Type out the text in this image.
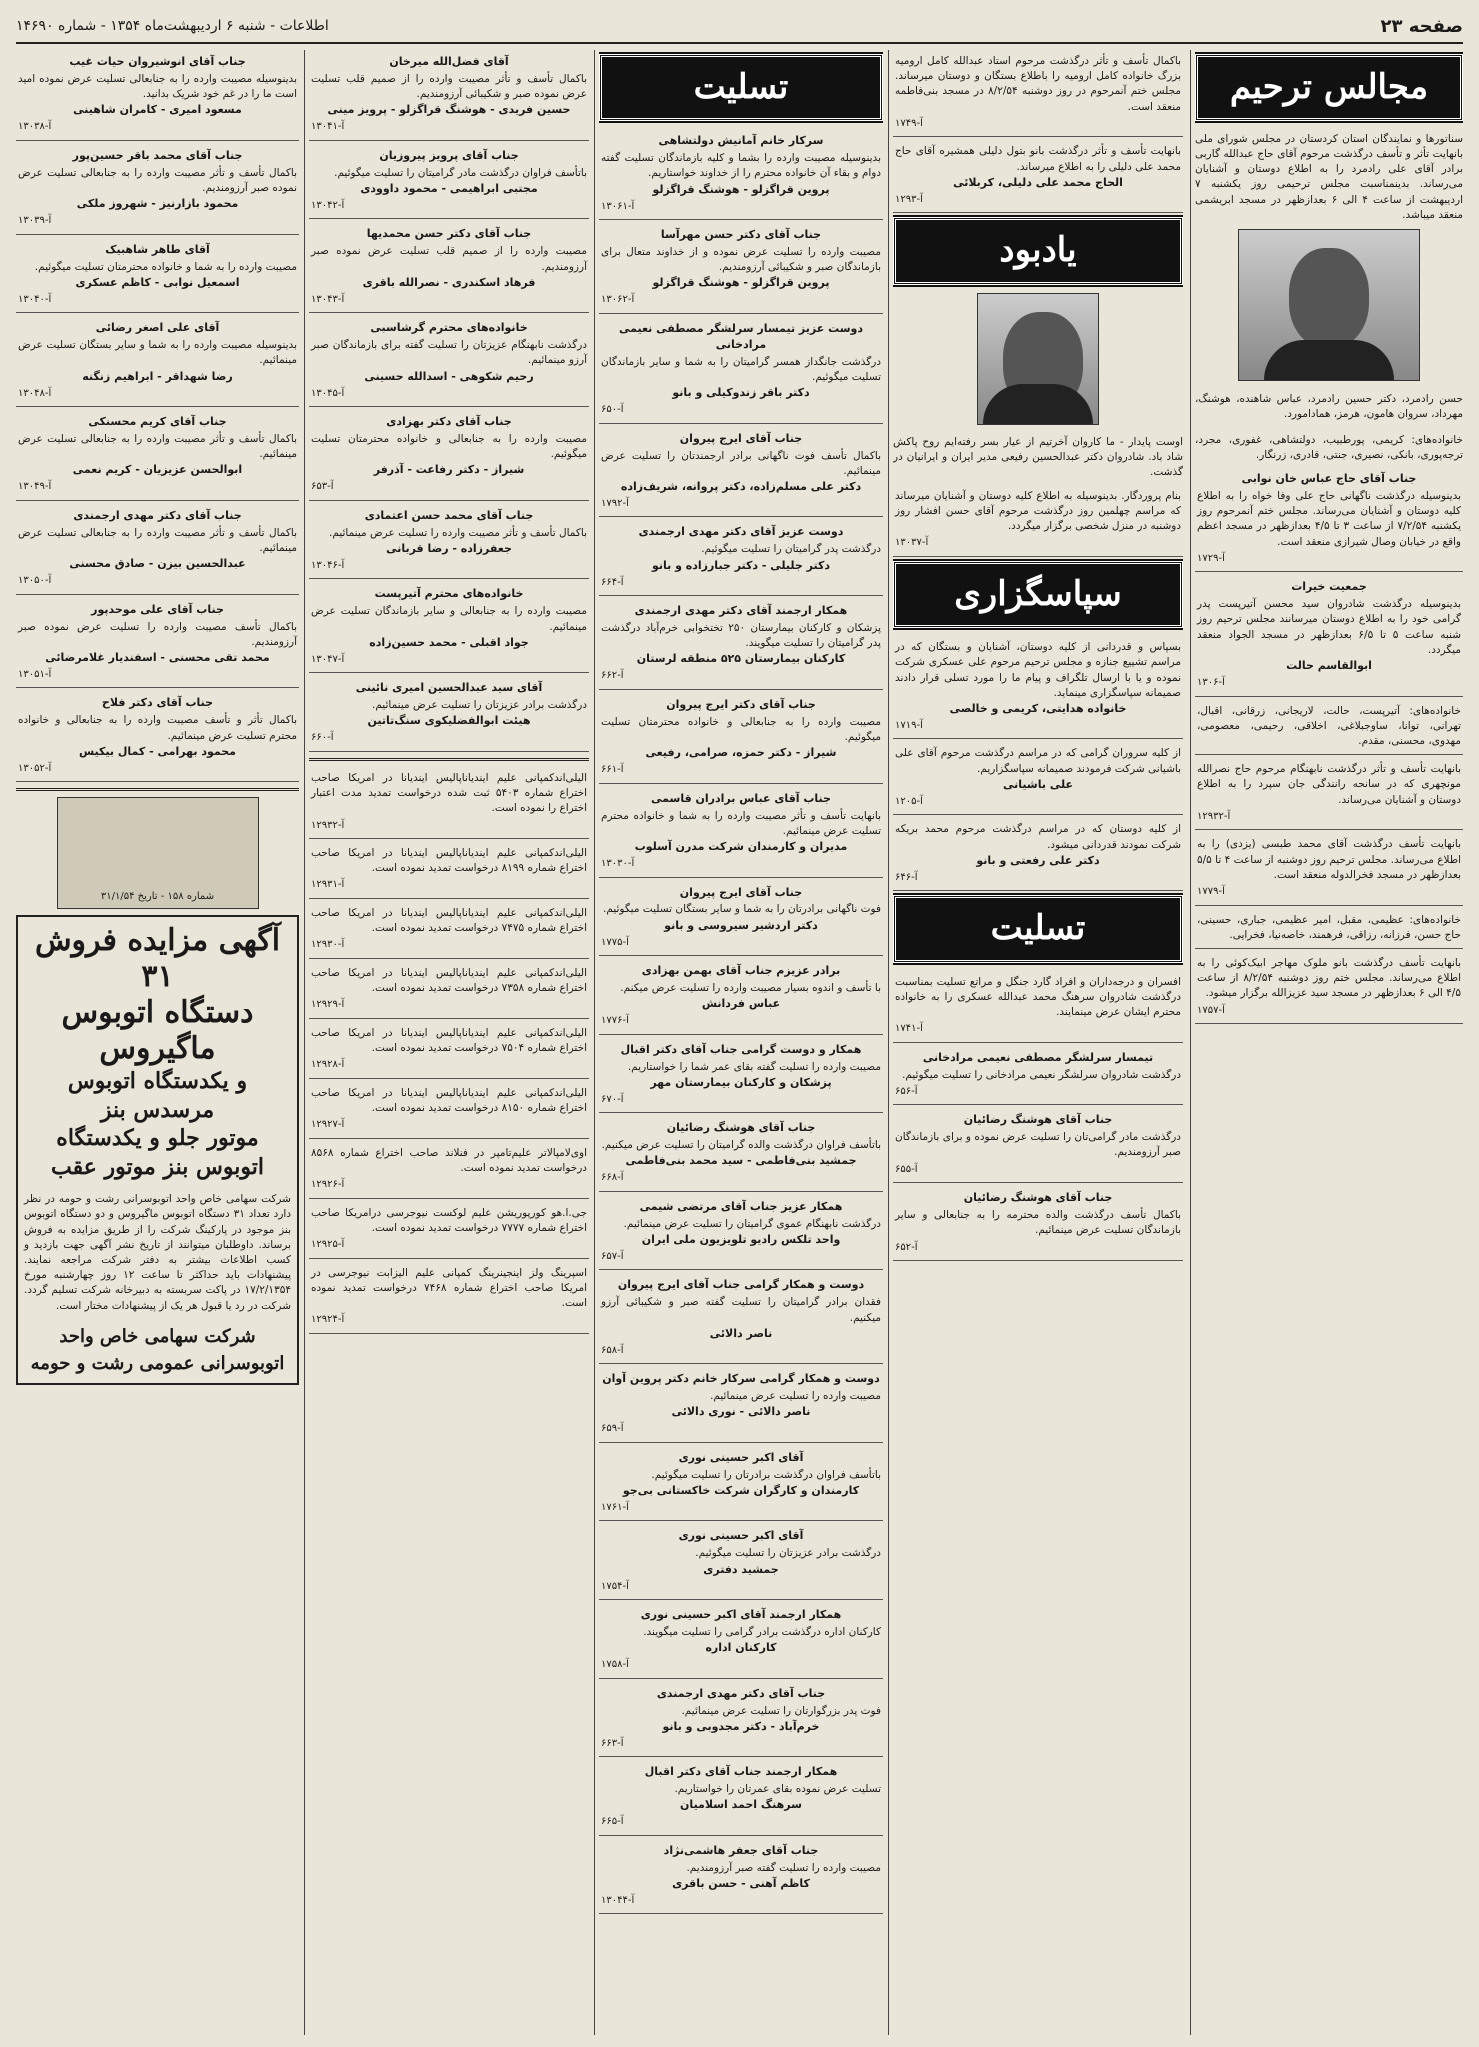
صفحه ۲۳
اطلاعات - شنبه ۶ اردیبهشت‌ماه ۱۳۵۴ - شماره ۱۴۶۹۰
مجالس ترحیم

سناتورها و نمایندگان استان کردستان در مجلس شورای ملی بانهایت تأثر و تأسف درگذشت مرحوم آقای حاج عبدالله گاربی برادر آقای علی رادمرد را به اطلاع دوستان و آشنایان می‌رساند. بدینمناسبت مجلس ترحیمی روز یکشنبه ۷ اردیبهشت از ساعت ۴ الی ۶ بعدازظهر در مسجد ابریشمی منعقد میباشد.

حسن رادمرد، دکتر حسین رادمرد، عباس شاهنده، هوشنگ، مهرداد، سروان هامون، هرمز، همادامورد.

خانواده‌های: کریمی، پورطبیب، دولتشاهی، غفوری، مجرد، ترجه‌پوری، بانکی، نصیری، جنتی، قادری، زرنگار.

جناب آقای حاج عباس خان نوابی

بدینوسیله درگذشت ناگهانی حاج علی وفا خواه را به اطلاع کلیه دوستان و آشنایان می‌رساند. مجلس ختم آنمرحوم روز یکشنبه ۷/۲/۵۴ از ساعت ۳ تا ۴/۵ بعدازظهر در مسجد اعظم واقع در خیابان وصال شیرازی منعقد است.

آ-۱۷۲۹
جمعیت خیرات

بدینوسیله درگذشت شادروان سید محسن آتیرپست پدر گرامی خود را به اطلاع دوستان میرسانند مجلس ترحیم روز شنبه ساعت ۵ تا ۶/۵ بعدازظهر در مسجد الجواد منعقد میگردد.

ابوالقاسم حالت
آ-۱۳۰۶

خانواده‌های: آتیرپست، حالت، لاریجانی، زرقانی، اقبال، تهرانی، توانا، ساوجبلاغی، اخلاقی، رحیمی، معصومی، مهدوی، محسنی، مقدم.

بانهایت تأسف و تأثر درگذشت نابهنگام مرحوم حاج نصرالله مونچهری که در سانحه رانندگی جان سپرد را به اطلاع دوستان و آشنایان می‌رساند.

آ-۱۲۹۳۲

بانهایت تأسف درگذشت آقای محمد طبسی (یزدی) را به اطلاع می‌رساند. مجلس ترحیم روز دوشنبه از ساعت ۴ تا ۵/۵ بعدازظهر در مسجد فخرالدوله منعقد است.

آ-۱۷۷۹

خانواده‌های: عظیمی، مقبل، امیر عظیمی، جباری، حسینی، حاج حسن، فرزانه، رزاقی، فرهمند، خاصه‌نیا، فخرایی.

بانهایت تأسف درگذشت بانو ملوک مهاجر ابیک‌کوئی را به اطلاع می‌رساند. مجلس ختم روز دوشنبه ۸/۲/۵۴ از ساعت ۴/۵ الی ۶ بعدازظهر در مسجد سید عزیزالله برگزار میشود.

آ-۱۷۵۷

باکمال تأسف و تأثر درگذشت مرحوم استاد عبدالله کامل ارومیه بزرگ خانواده کامل ارومیه را باطلاع بستگان و دوستان میرساند. مجلس ختم آنمرحوم در روز دوشنبه ۸/۲/۵۴ در مسجد بنی‌فاطمه منعقد است.

آ-۱۷۴۹

بانهایت تأسف و تأثر درگذشت بانو بتول دلیلی همشیره آقای حاج محمد علی دلیلی را به اطلاع میرساند.

الحاج محمد علی دلیلی، کربلائی
آ-۱۲۹۳
یادبود

اوست پایدار - ما کاروان آخرتیم از عیار بسر رفته‌ایم روح پاکش شاد باد. شادروان دکتر عبدالحسین رفیعی مدیر ایران و ایرانیان در گذشت.

بنام پروردگار. بدینوسیله به اطلاع کلیه دوستان و آشنایان میرساند که مراسم چهلمین روز درگذشت مرحوم آقای حسن افشار روز دوشنبه در منزل شخصی برگزار میگردد.

آ-۱۳۰۳۷
سپاسگزاری

بسپاس و قدردانی از کلیه دوستان، آشنایان و بستگان که در مراسم تشییع جنازه و مجلس ترحیم مرحوم علی عسکری شرکت نموده و یا با ارسال تلگراف و پیام ما را مورد تسلی قرار دادند صمیمانه سپاسگزاری مینماید.

خانواده هدایتی، کریمی و خالصی
آ-۱۷۱۹

از کلیه سروران گرامی که در مراسم درگذشت مرحوم آقای علی باشیانی شرکت فرمودند صمیمانه سپاسگزاریم.

علی باشیانی
آ-۱۲۰۵

از کلیه دوستان که در مراسم درگذشت مرحوم محمد بریکه شرکت نمودند قدردانی میشود.

دکتر علی رفعتی و بانو
آ-۶۴۶
تسلیت

افسران و درجه‌داران و افراد گارد جنگل و مراتع تسلیت بمناسبت درگذشت شادروان سرهنگ محمد عبدالله عسکری را به خانواده محترم ایشان عرض مینمایند.

آ-۱۷۴۱
تیمسار سرلشگر مصطفی نعیمی مرادخانی

درگذشت شادروان سرلشگر نعیمی مرادخانی را تسلیت میگوئیم.

آ-۶۵۶
جناب آقای هوشنگ رضائیان

درگذشت مادر گرامی‌تان را تسلیت عرض نموده و برای بازماندگان صبر آرزومندیم.

آ-۶۵۵
جناب آقای هوشنگ رضائیان

باکمال تأسف درگذشت والده محترمه را به جنابعالی و سایر بازماندگان تسلیت عرض مینمائیم.

آ-۶۵۲
تسلیت
سرکار خانم آمانیش دولتشاهی

بدینوسیله مصیبت وارده را بشما و کلیه بازماندگان تسلیت گفته دوام و بقاء آن خانواده محترم را از خداوند خواستاریم.

پروین قراگزلو - هوشنگ قراگزلو
آ-۱۳۰۶۱
جناب آقای دکتر حسن مهرآسا

مصیبت وارده را تسلیت عرض نموده و از خداوند متعال برای بازماندگان صبر و شکیبائی آرزومندیم.

پروین قراگزلو - هوشنگ قراگزلو
آ-۱۳۰۶۲
دوست عزیز تیمسار سرلشگر مصطفی نعیمی مرادخانی

درگذشت جانگداز همسر گرامیتان را به شما و سایر بازماندگان تسلیت میگوئیم.

دکتر باقر زندوکیلی و بانو
آ-۶۵۰
جناب آقای ایرج پیروان

باکمال تأسف فوت ناگهانی برادر ارجمندتان را تسلیت عرض مینمائیم.

دکتر علی مسلم‌زاده، دکتر پروانه، شریف‌زاده
آ-۱۷۹۲
دوست عزیز آقای دکتر مهدی ارجمندی

درگذشت پدر گرامیتان را تسلیت میگوئیم.

دکتر جلیلی - دکتر جبارزاده و بانو
آ-۶۶۴
همکار ارجمند آقای دکتر مهدی ارجمندی

پزشکان و کارکنان بیمارستان ۲۵۰ تختخوابی خرم‌آباد درگذشت پدر گرامیتان را تسلیت میگویند.

کارکنان بیمارستان ۵۲۵ منطقه لرستان
آ-۶۶۲
جناب آقای دکتر ایرج پیروان

مصیبت وارده را به جنابعالی و خانواده محترمتان تسلیت میگوئیم.

شیراز - دکتر حمزه، صرامی، رفیعی
آ-۶۶۱
جناب آقای عباس برادران قاسمی

بانهایت تأسف و تأثر مصیبت وارده را به شما و خانواده محترم تسلیت عرض مینمائیم.

مدیران و کارمندان شرکت مدرن آسلوب
آ-۱۳۰۳۰
جناب آقای ایرج پیروان

فوت ناگهانی برادرتان را به شما و سایر بستگان تسلیت میگوئیم.

دکتر اردشیر سیروسی و بانو
آ-۱۷۷۵
برادر عزیزم جناب آقای بهمن بهزادی

با تأسف و اندوه بسیار مصیبت وارده را تسلیت عرض میکنم.

عباس فردانش
آ-۱۷۷۶
همکار و دوست گرامی جناب آقای دکتر اقبال

مصیبت وارده را تسلیت گفته بقای عمر شما را خواستاریم.

پزشکان و کارکنان بیمارستان مهر
آ-۶۷۰
جناب آقای هوشنگ رضائیان

باتأسف فراوان درگذشت والده گرامیتان را تسلیت عرض میکنیم.

جمشید بنی‌فاطمی - سید محمد بنی‌فاطمی
آ-۶۶۸
همکار عزیز جناب آقای مرتضی شیمی

درگذشت نابهنگام عموی گرامیتان را تسلیت عرض مینمائیم.

واحد تلکس رادیو تلویزیون ملی ایران
آ-۶۵۷
دوست و همکار گرامی جناب آقای ایرج پیروان

فقدان برادر گرامیتان را تسلیت گفته صبر و شکیبائی آرزو میکنیم.

ناصر دالائی
آ-۶۵۸
دوست و همکار گرامی سرکار خانم دکتر پروین آوان

مصیبت وارده را تسلیت عرض مینمائیم.

ناصر دالائی - نوری دالائی
آ-۶۵۹
آقای اکبر حسینی نوری

باتأسف فراوان درگذشت برادرتان را تسلیت میگوئیم.

کارمندان و کارگران شرکت خاکستانی بی‌جو
آ-۱۷۶۱
آقای اکبر حسینی نوری

درگذشت برادر عزیزتان را تسلیت میگوئیم.

جمشید دفتری
آ-۱۷۵۴
همکار ارجمند آقای اکبر حسینی نوری

کارکنان اداره درگذشت برادر گرامی را تسلیت میگویند.

کارکنان اداره
آ-۱۷۵۸
جناب آقای دکتر مهدی ارجمندی

فوت پدر بزرگوارتان را تسلیت عرض مینمائیم.

خرم‌آباد - دکتر مجدوبی و بانو
آ-۶۶۳
همکار ارجمند جناب آقای دکتر اقبال

تسلیت عرض نموده بقای عمرتان را خواستاریم.

سرهنگ احمد اسلامیان
آ-۶۶۵
جناب آقای جعفر هاشمی‌نژاد

مصیبت وارده را تسلیت گفته صبر آرزومندیم.

کاظم آهنی - حسن باقری
آ-۱۳۰۴۴
آقای فضل‌الله میرخان

باکمال تأسف و تأثر مصیبت وارده را از صمیم قلب تسلیت عرض نموده صبر و شکیبائی آرزومندیم.

حسین فریدی - هوشنگ قراگزلو - پرویز مینی
آ-۱۳۰۴۱
جناب آقای پرویز پیروزیان

باتأسف فراوان درگذشت مادر گرامیتان را تسلیت میگوئیم.

مجتبی ابراهیمی - محمود داوودی
آ-۱۳۰۴۲
جناب آقای دکتر حسن محمدیها

مصیبت وارده را از صمیم قلب تسلیت عرض نموده صبر آرزومندیم.

فرهاد اسکندری - نصرالله باقری
آ-۱۳۰۴۳
خانواده‌های محترم گرشاسبی

درگذشت نابهنگام عزیزتان را تسلیت گفته برای بازماندگان صبر آرزو مینمائیم.

رحیم شکوهی - اسدالله حسینی
آ-۱۳۰۴۵
جناب آقای دکتر بهزادی

مصیبت وارده را به جنابعالی و خانواده محترمتان تسلیت میگوئیم.

شیراز - دکتر رفاعت - آذرفر
آ-۶۵۳
جناب آقای محمد حسن اعتمادی

باکمال تأسف و تأثر مصیبت وارده را تسلیت عرض مینمائیم.

جعفرزاده - رضا قربانی
آ-۱۳۰۴۶
خانواده‌های محترم آتیرپست

مصیبت وارده را به جنابعالی و سایر بازماندگان تسلیت عرض مینمائیم.

جواد اقبلی - محمد حسین‌زاده
آ-۱۳۰۴۷
آقای سید عبدالحسین امیری نائینی

درگذشت برادر عزیزتان را تسلیت عرض مینمائیم.

هیئت ابوالفضلیکوی سنگ‌تاتین
آ-۶۶۰

الیلی‌اند‌کمپانی علیم ایندیاناپالیس ایندیانا در امریکا صاحب اختراع شماره ۵۴۰۳ ثبت شده درخواست تمدید مدت اعتبار اختراع را نموده است.

آ-۱۲۹۳۲

الیلی‌اند‌کمپانی علیم ایندیاناپالیس ایندیانا در امریکا صاحب اختراع شماره ۸۱۹۹ درخواست تمدید نموده است.

آ-۱۲۹۳۱

الیلی‌اند‌کمپانی علیم ایندیاناپالیس ایندیانا در امریکا صاحب اختراع شماره ۷۴۷۵ درخواست تمدید نموده است.

آ-۱۲۹۳۰

الیلی‌اند‌کمپانی علیم ایندیاناپالیس ایندیانا در امریکا صاحب اختراع شماره ۷۳۵۸ درخواست تمدید نموده است.

آ-۱۲۹۲۹

الیلی‌اند‌کمپانی علیم ایندیاناپالیس ایندیانا در امریکا صاحب اختراع شماره ۷۵۰۴ درخواست تمدید نموده است.

آ-۱۲۹۲۸

الیلی‌اند‌کمپانی علیم ایندیاناپالیس ایندیانا در امریکا صاحب اختراع شماره ۸۱۵۰ درخواست تمدید نموده است.

آ-۱۲۹۲۷

اوی‌لامپالا‌تر علیم‌تامپر در فنلاند صاحب اختراع شماره ۸۵۶۸ درخواست تمدید نموده است.

آ-۱۲۹۲۶

جی.ا.هو کورپوریشن علیم لوکست نیوجرسی درامریکا صاحب اختراع شماره ۷۷۷۷ درخواست تمدید نموده است.

آ-۱۲۹۲۵

اسپرینگ ولز اینجینرینگ کمپانی علیم الیزابت نیوجرسی در امریکا صاحب اختراع شماره ۷۴۶۸ درخواست تمدید نموده است.

آ-۱۲۹۲۴
جناب آقای انوشیروان حیات غیب

بدینوسیله مصیبت وارده را به جنابعالی تسلیت عرض نموده امید است ما را در غم خود شریک بدانید.

مسعود امیری - کامران شاهینی
آ-۱۳۰۳۸
جناب آقای محمد باقر حسین‌پور

باکمال تأسف و تأثر مصیبت وارده را به جنابعالی تسلیت عرض نموده صبر آرزومندیم.

محمود بازارنیز - شهروز ملکی
آ-۱۳۰۳۹
آقای طاهر شاهبیک

مصیبت وارده را به شما و خانواده محترمتان تسلیت میگوئیم.

اسمعیل نوابی - کاظم عسکری
آ-۱۳۰۴۰
آقای علی اصغر رضائی

بدینوسیله مصیبت وارده را به شما و سایر بستگان تسلیت عرض مینمائیم.

رضا شهداقر - ابراهیم زنگنه
آ-۱۳۰۴۸
جناب آقای کریم محسنکی

باکمال تأسف و تأثر مصیبت وارده را به جنابعالی تسلیت عرض مینمائیم.

ابوالحسن عزیزیان - کریم نعمی
آ-۱۳۰۴۹
جناب آقای دکتر مهدی ارجمندی

باکمال تأسف و تأثر مصیبت وارده را به جنابعالی تسلیت عرض مینمائیم.

عبدالحسین بیزن - صادق محسنی
آ-۱۳۰۵۰
جناب آقای علی موحدپور

باکمال تأسف مصیبت وارده را تسلیت عرض نموده صبر آرزومندیم.

محمد تقی محسنی - اسفندیار غلامرضائی
آ-۱۳۰۵۱
جناب آقای دکتر فلاح

باکمال تأثر و تأسف مصیبت وارده را به جنابعالی و خانواده محترم تسلیت عرض مینمائیم.

محمود بهرامی - کمال بیکیس
آ-۱۳۰۵۲
شماره ۱۵۸ - تاریخ ۳۱/۱/۵۴
آگهی مزایده فروش ۳۱
دستگاه اتوبوس ماگیروس
و یکدستگاه اتوبوس مرسدس بنز
موتور جلو و یکدستگاه اتوبوس بنز موتور عقب

شرکت سهامی خاص واحد اتوبوسرانی رشت و حومه در نظر دارد تعداد ۳۱ دستگاه اتوبوس ماگیروس و دو دستگاه اتوبوس بنز موجود در پارکینگ شرکت را از طریق مزایده به فروش برساند. داوطلبان میتوانند از تاریخ نشر آگهی جهت بازدید و کسب اطلاعات بیشتر به دفتر شرکت مراجعه نمایند. پیشنهادات باید حداکثر تا ساعت ۱۲ روز چهارشنبه مورخ ۱۷/۲/۱۳۵۴ در پاکت سربسته به دبیرخانه شرکت تسلیم گردد. شرکت در رد یا قبول هر یک از پیشنهادات مختار است.

شرکت سهامی خاص واحد اتوبوسرانی عمومی رشت و حومه
